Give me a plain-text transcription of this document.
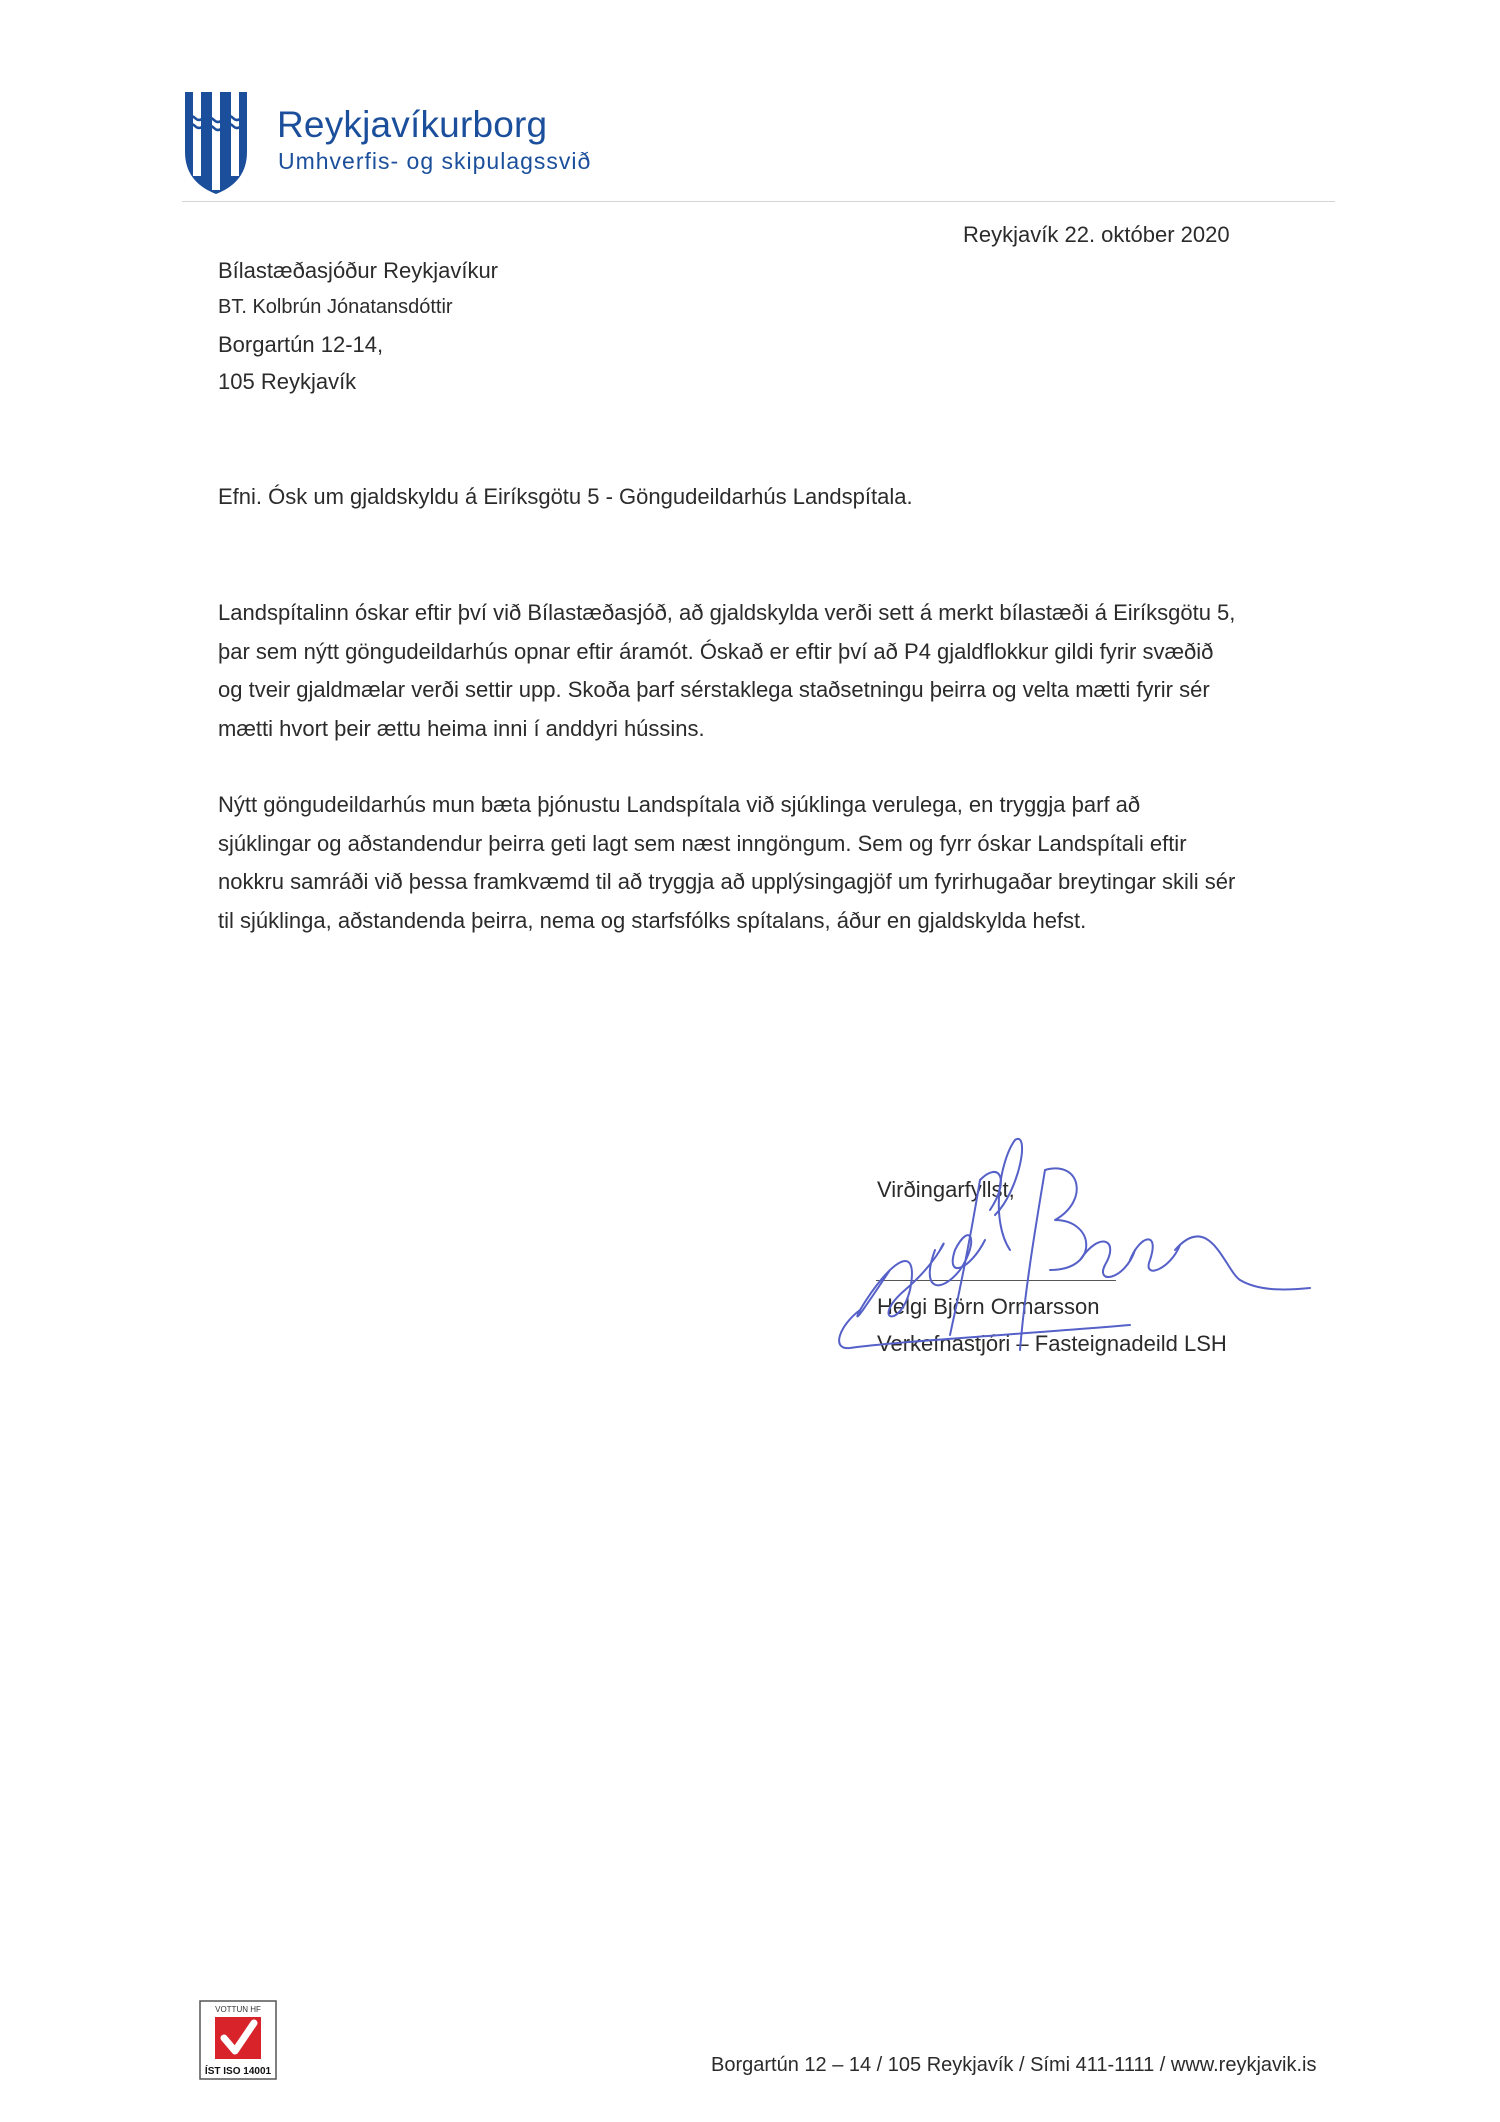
Reykjavíkurborg
Umhverfis- og skipulagssvið
Reykjavík 22. október 2020
Bílastæðasjóður Reykjavíkur
BT. Kolbrún Jónatansdóttir
Borgartún 12-14,
105 Reykjavík
Efni. Ósk um gjaldskyldu á Eiríksgötu 5 - Göngudeildarhús Landspítala.
Landspítalinn óskar eftir því við Bílastæðasjóð, að gjaldskylda verði sett á merkt bílastæði á Eiríksgötu 5,
þar sem nýtt göngudeildarhús opnar eftir áramót. Óskað er eftir því að P4 gjaldflokkur gildi fyrir svæðið
og tveir gjaldmælar verði settir upp. Skoða þarf sérstaklega staðsetningu þeirra og velta mætti fyrir sér
mætti hvort þeir ættu heima inni í anddyri hússins.
Nýtt göngudeildarhús mun bæta þjónustu Landspítala við sjúklinga verulega, en tryggja þarf að
sjúklingar og aðstandendur þeirra geti lagt sem næst inngöngum. Sem og fyrr óskar Landspítali eftir
nokkru samráði við þessa framkvæmd til að tryggja að upplýsingagjöf um fyrirhugaðar breytingar skili sér
til sjúklinga, aðstandenda þeirra, nema og starfsfólks spítalans, áður en gjaldskylda hefst.
Virðingarfyllst,
Helgi Björn Ormarsson
Verkefnastjóri – Fasteignadeild LSH
VOTTUN HF
ÍST ISO 14001	Borgartún 12 – 14 / 105 Reykjavík / Sími 411-1111 / www.reykjavik.is
